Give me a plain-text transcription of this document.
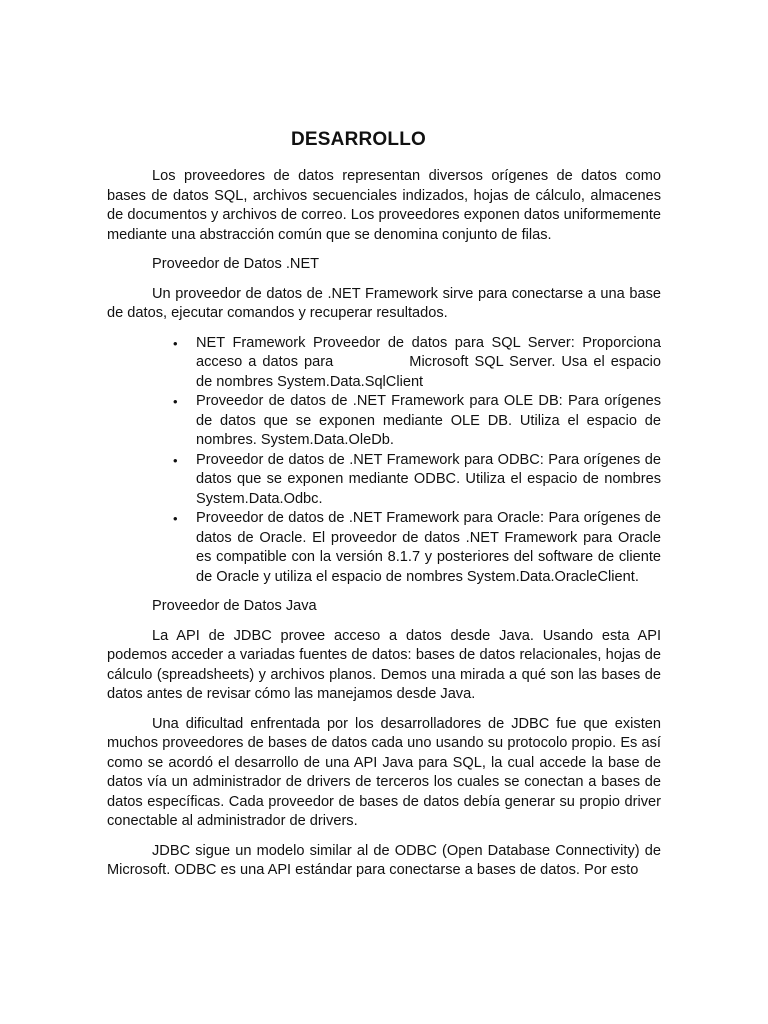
DESARROLLO

Los proveedores de datos representan diversos orígenes de datos como bases de datos SQL, archivos secuenciales indizados, hojas de cálculo, almacenes de documentos y archivos de correo. Los proveedores exponen datos uniformemente mediante una abstracción común que se denomina conjunto de filas.

Proveedor de Datos .NET

Un proveedor de datos de .NET Framework sirve para conectarse a una base de datos, ejecutar comandos y recuperar resultados.

• NET Framework Proveedor de datos para SQL Server: Proporciona acceso a datos para	Microsoft SQL Server. Usa el espacio de nombres System.Data.SqlClient
• Proveedor de datos de .NET Framework para OLE DB: Para orígenes de datos que se exponen mediante OLE DB. Utiliza el espacio de nombres. System.Data.OleDb.
• Proveedor de datos de .NET Framework para ODBC: Para orígenes de datos que se exponen mediante ODBC. Utiliza el espacio de nombres System.Data.Odbc.
• Proveedor de datos de .NET Framework para Oracle: Para orígenes de datos de Oracle. El proveedor de datos .NET Framework para Oracle es compatible con la versión 8.1.7 y posteriores del software de cliente de Oracle y utiliza el espacio de nombres System.Data.OracleClient.

Proveedor de Datos Java

La API de JDBC provee acceso a datos desde Java. Usando esta API podemos acceder a variadas fuentes de datos: bases de datos relacionales, hojas de cálculo (spreadsheets) y archivos planos. Demos una mirada a qué son las bases de datos antes de revisar cómo las manejamos desde Java.

Una dificultad enfrentada por los desarrolladores de JDBC fue que existen muchos proveedores de bases de datos cada uno usando su protocolo propio. Es así como se acordó el desarrollo de una API Java para SQL, la cual accede la base de datos vía un administrador de drivers de terceros los cuales se conectan a bases de datos específicas. Cada proveedor de bases de datos debía generar su propio driver conectable al administrador de drivers.

JDBC sigue un modelo similar al de ODBC (Open Database Connectivity) de Microsoft. ODBC es una API estándar para conectarse a bases de datos. Por esto
